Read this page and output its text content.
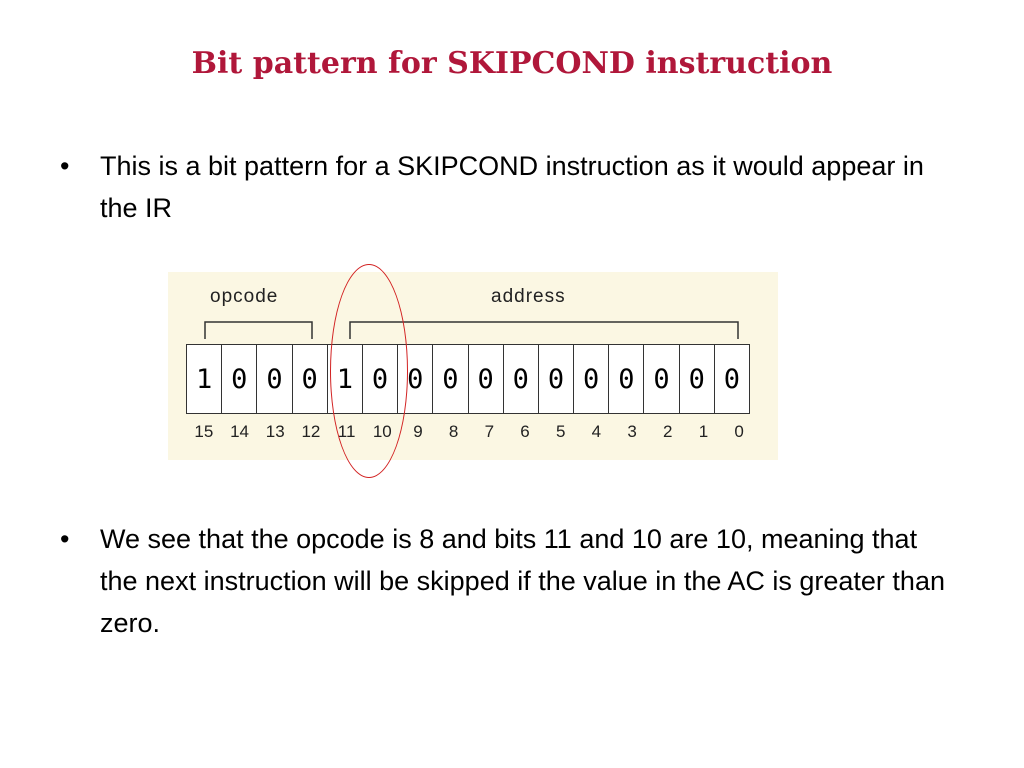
Bit pattern for SKIPCOND instruction
•	This is a bit pattern for a SKIPCOND instruction as it would appear in the IR
opcode	address
1 0 0 0 1 0 0 0 0 0 0 0 0 0 0 0
15 14 13 12	11	10	9	8	7	6	5	4	3	2	1	0
•	We see that the opcode is 8 and bits 11 and 10 are 10, meaning that the next instruction will be skipped if the value in the AC is greater than zero.
